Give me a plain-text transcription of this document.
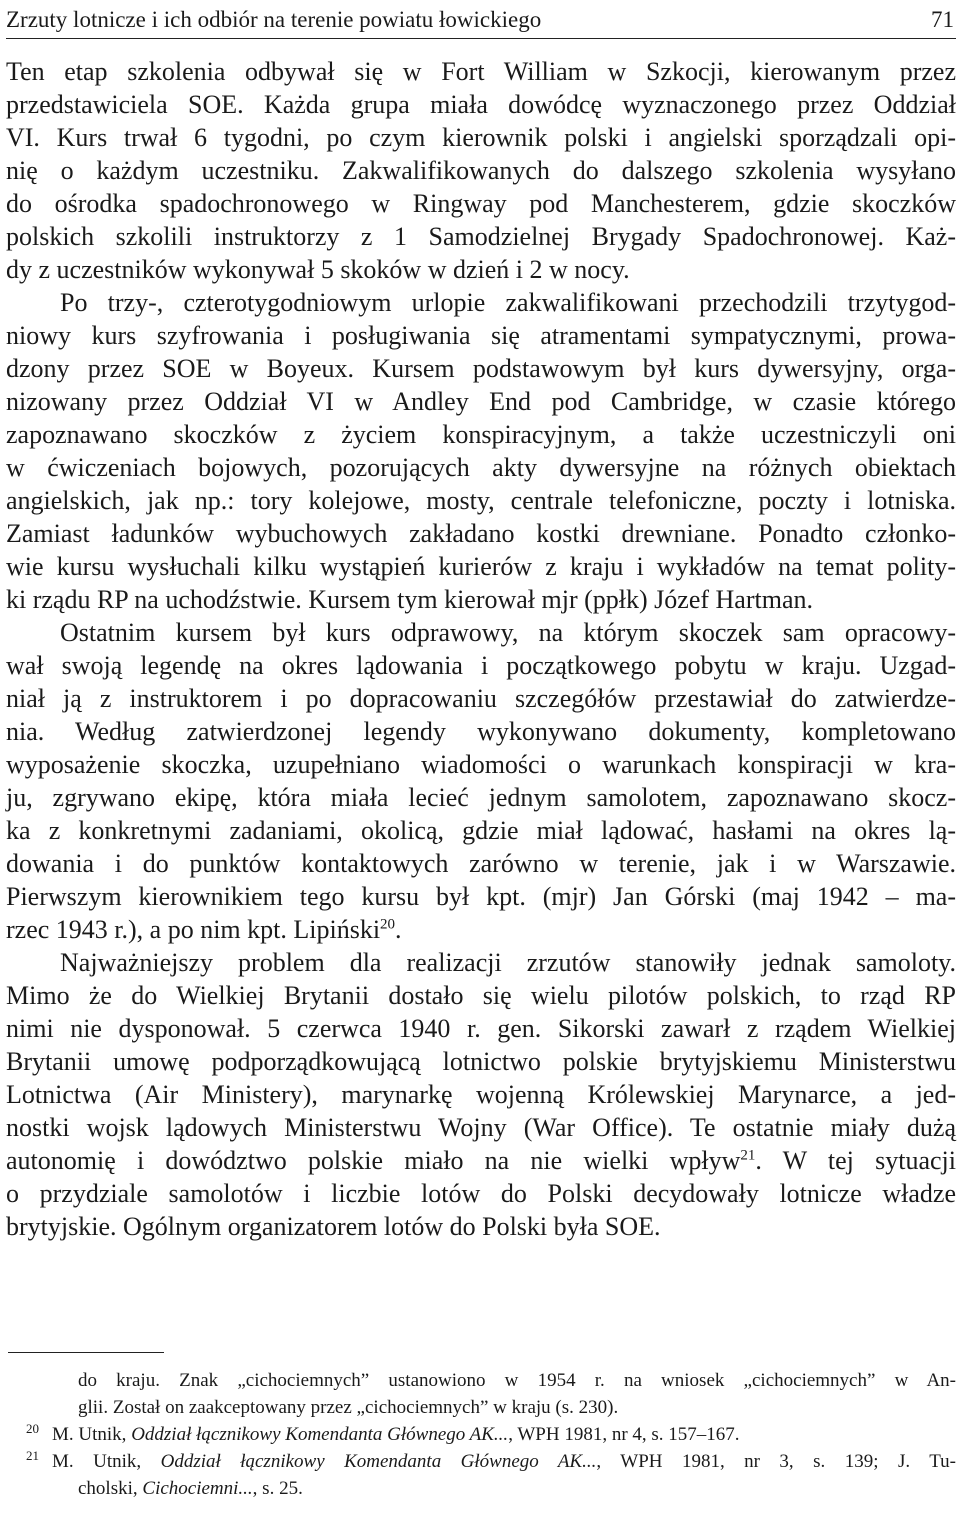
Zrzuty lotnicze i ich odbiór na terenie powiatu łowickiego	71
Ten etap szkolenia odbywał się w Fort William w Szkocji, kierowanym przez
przedstawiciela SOE. Każda grupa miała dowódcę wyznaczonego przez Oddział
VI. Kurs trwał 6 tygodni, po czym kierownik polski i angielski sporządzali opi-
nię o każdym uczestniku. Zakwalifikowanych do dalszego szkolenia wysyłano
do ośrodka spadochronowego w Ringway pod Manchesterem, gdzie skoczków
polskich szkolili instruktorzy z 1 Samodzielnej Brygady Spadochronowej. Każ-
dy z uczestników wykonywał 5 skoków w dzień i 2 w nocy.
Po trzy-, czterotygodniowym urlopie zakwalifikowani przechodzili trzytygod-
niowy kurs szyfrowania i posługiwania się atramentami sympatycznymi, prowa-
dzony przez SOE w Boyeux. Kursem podstawowym był kurs dywersyjny, orga-
nizowany przez Oddział VI w Andley End pod Cambridge, w czasie którego
zapoznawano skoczków z życiem konspiracyjnym, a także uczestniczyli oni
w ćwiczeniach bojowych, pozorujących akty dywersyjne na różnych obiektach
angielskich, jak np.: tory kolejowe, mosty, centrale telefoniczne, poczty i lotniska.
Zamiast ładunków wybuchowych zakładano kostki drewniane. Ponadto członko-
wie kursu wysłuchali kilku wystąpień kurierów z kraju i wykładów na temat polity-
ki rządu RP na uchodźstwie. Kursem tym kierował mjr (ppłk) Józef Hartman.
Ostatnim kursem był kurs odprawowy, na którym skoczek sam opracowy-
wał swoją legendę na okres lądowania i początkowego pobytu w kraju. Uzgad-
niał ją z instruktorem i po dopracowaniu szczegółów przestawiał do zatwierdze-
nia. Według zatwierdzonej legendy wykonywano dokumenty, kompletowano
wyposażenie skoczka, uzupełniano wiadomości o warunkach konspiracji w kra-
ju, zgrywano ekipę, która miała lecieć jednym samolotem, zapoznawano skocz-
ka z konkretnymi zadaniami, okolicą, gdzie miał lądować, hasłami na okres lą-
dowania i do punktów kontaktowych zarówno w terenie, jak i w Warszawie.
Pierwszym kierownikiem tego kursu był kpt. (mjr) Jan Górski (maj 1942 – ma-
rzec 1943 r.), a po nim kpt. Lipiński$^{20}$.
Najważniejszy problem dla realizacji zrzutów stanowiły jednak samoloty.
Mimo że do Wielkiej Brytanii dostało się wielu pilotów polskich, to rząd RP
nimi nie dysponował. 5 czerwca 1940 r. gen. Sikorski zawarł z rządem Wielkiej
Brytanii umowę podporządkowującą lotnictwo polskie brytyjskiemu Ministerstwu
Lotnictwa (Air Ministery), marynarkę wojenną Królewskiej Marynarce, a jed-
nostki wojsk lądowych Ministerstwu Wojny (War Office). Te ostatnie miały dużą
autonomię i dowództwo polskie miało na nie wielki wpływ$^{21}$. W tej sytuacji
o przydziale samolotów i liczbie lotów do Polski decydowały lotnicze władze
brytyjskie. Ogólnym organizatorem lotów do Polski była SOE.
do kraju. Znak „cichociemnych” ustanowiono w 1954 r. na wniosek „cichociemnych” w An-
glii. Został on zaakceptowany przez „cichociemnych” w kraju (s. 230).
20 M. Utnik, Oddział łącznikowy Komendanta Głównego AK..., WPH 1981, nr 4, s. 157–167.
21 M. Utnik, Oddział łącznikowy Komendanta Głównego AK..., WPH 1981, nr 3, s. 139; J. Tu-
cholski, Cichociemni..., s. 25.
